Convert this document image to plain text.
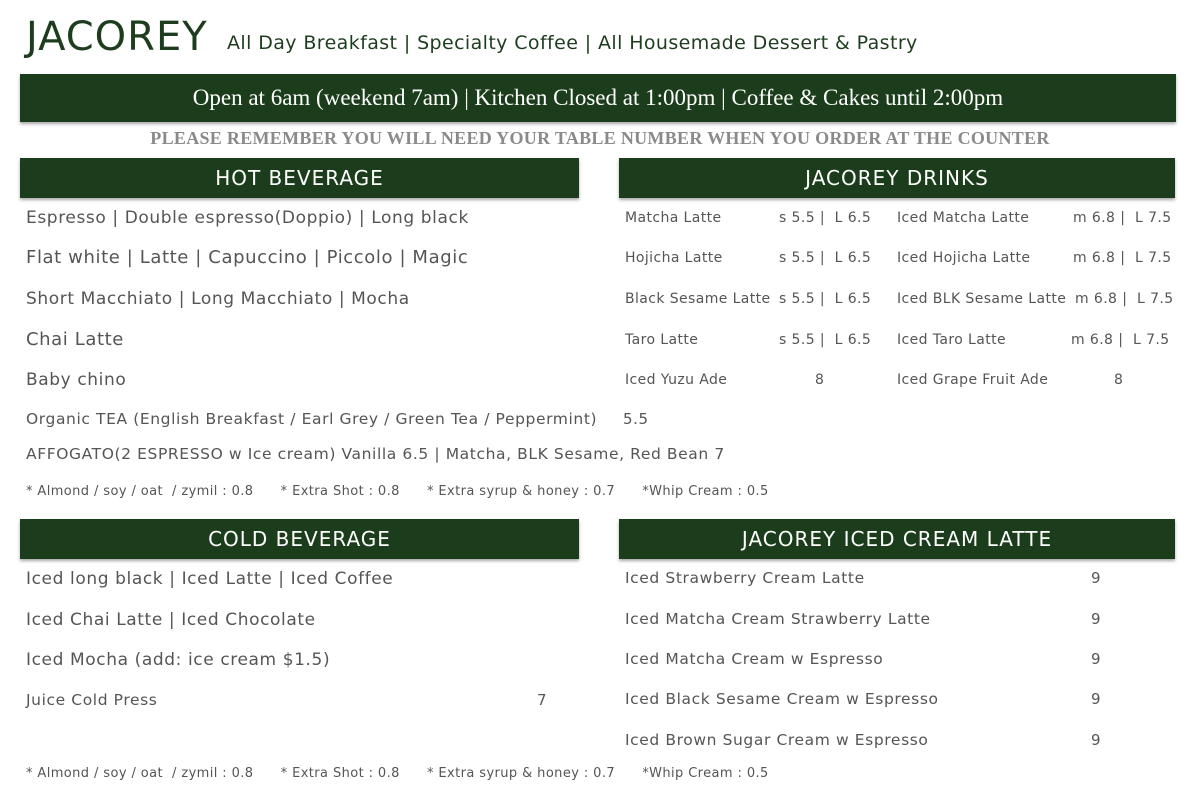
JACOREY All Day Breakfast | Specialty Coffee | All Housemade Dessert & Pastry
Open at 6am (weekend 7am) | Kitchen Closed at 1:00pm | Coffee & Cakes until 2:00pm
PLEASE REMEMBER YOU WILL NEED YOUR TABLE NUMBER WHEN YOU ORDER AT THE COUNTER
HOT BEVERAGE
Espresso | Double espresso(Doppio) | Long black
Flat white | Latte | Capuccino | Piccolo | Magic
Short Macchiato | Long Macchiato | Mocha
Chai Latte
Baby chino
Organic TEA (English Breakfast / Earl Grey / Green Tea / Peppermint) 5.5
AFFOGATO(2 ESPRESSO w Ice cream) Vanilla 6.5 | Matcha, BLK Sesame, Red Bean 7
* Almond / soy / oat  / zymil : 0.8      * Extra Shot : 0.8      * Extra syrup & honey : 0.7      *Whip Cream : 0.5
JACOREY DRINKS
Matcha Latte	s 5.5 |  L 6.5 Iced Matcha Latte	m 6.8 |  L 7.5
Hojicha Latte	s 5.5 |  L 6.5 Iced Hojicha Latte	m 6.8 |  L 7.5
Black Sesame Latte s 5.5 |  L 6.5 Iced BLK Sesame Latte m 6.8 |  L 7.5
Taro Latte	s 5.5 |  L 6.5 Iced Taro Latte	m 6.8 |  L 7.5
Iced Yuzu Ade	8	Iced Grape Fruit Ade	8
COLD BEVERAGE
Iced long black | Iced Latte | Iced Coffee
Iced Chai Latte | Iced Chocolate
Iced Mocha (add: ice cream $1.5)
Juice Cold Press	7
* Almond / soy / oat  / zymil : 0.8      * Extra Shot : 0.8      * Extra syrup & honey : 0.7      *Whip Cream : 0.5
JACOREY ICED CREAM LATTE
Iced Strawberry Cream Latte	9
Iced Matcha Cream Strawberry Latte	9
Iced Matcha Cream w Espresso	9
Iced Black Sesame Cream w Espresso	9
Iced Brown Sugar Cream w Espresso	9
